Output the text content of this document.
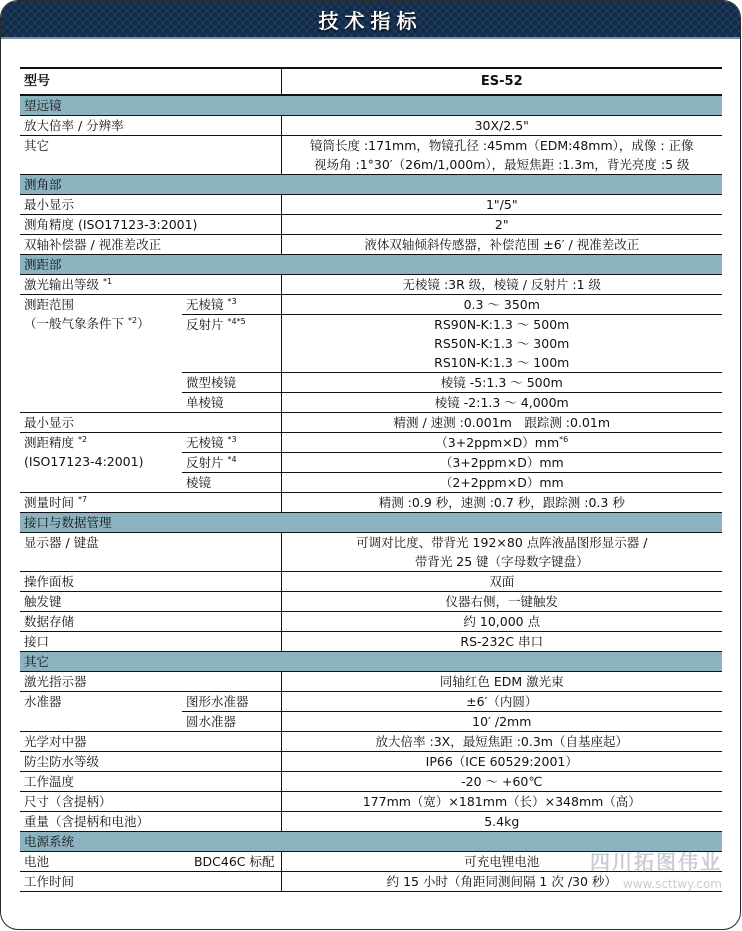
技术指标
型号		ES-52
望远镜		
放大倍率 / 分辨率		30X/2.5"
其它		镜筒长度 :171mm，物镜孔径 :45mm（EDM:48mm），成像 : 正像
视场角 :1°30′（26m/1,000m），最短焦距 :1.3m，背光亮度 :5 级

测角部		
最小显示		1"/5"
测角精度 (ISO17123-3:2001)		2"
双轴补偿器 / 视准差改正		液体双轴倾斜传感器，补偿范围 ±6′ / 视准差改正
测距部		
激光输出等级 $^{*1}$		无棱镜 :3R 级，棱镜 / 反射片 :1 级

测距范围
（一般气象条件下 $^{*2}$）	无棱镜 $^{*3}$	0.3 ～ 350m
	反射片 $^{*4*5}$	RS90N-K:1.3 ～ 500m
RS50N-K:1.3 ～ 300m
RS10N-K:1.3 ～ 100m

	微型棱镜	棱镜 -5:1.3 ～ 500m
	单棱镜	棱镜 -2:1.3 ～ 4,000m
最小显示		精测 / 速测 :0.001m　跟踪测 :0.01m

测距精度 $^{*2}$
(ISO17123-4:2001)	无棱镜 $^{*3}$	$(3+2ppm\times D)mm^{*6}$
	反射片 $^{*4}$	（3+2ppm×D）mm
	棱镜	（2+2ppm×D）mm
测量时间 $^{*7}$		精测 :0.9 秒，速测 :0.7 秒，跟踪测 :0.3 秒
接口与数据管理		
显示器 / 键盘		可调对比度、带背光 192×80 点阵液晶图形显示器 /
带背光 25 键（字母数字键盘）

操作面板		双面
触发键		仪器右侧，一键触发
数据存储		约 10,000 点
接口		RS-232C 串口
其它		
激光指示器		同轴红色 EDM 激光束
水准器	图形水准器	±6′（内圆）
	圆水准器	10′ /2mm
光学对中器		放大倍率 :3X，最短焦距 :0.3m（自基座起）
防尘防水等级		IP66（ICE 60529:2001）
工作温度		-20 ～ +60℃
尺寸（含提柄）		177mm（宽）×181mm（长）×348mm（高）
重量（含提柄和电池）		5.4kg
电源系统		
电池	BDC46C 标配	可充电锂电池
工作时间		约 15 小时（角距同测间隔 1 次 /30 秒）
四川拓图伟业
www.scttwy.com
